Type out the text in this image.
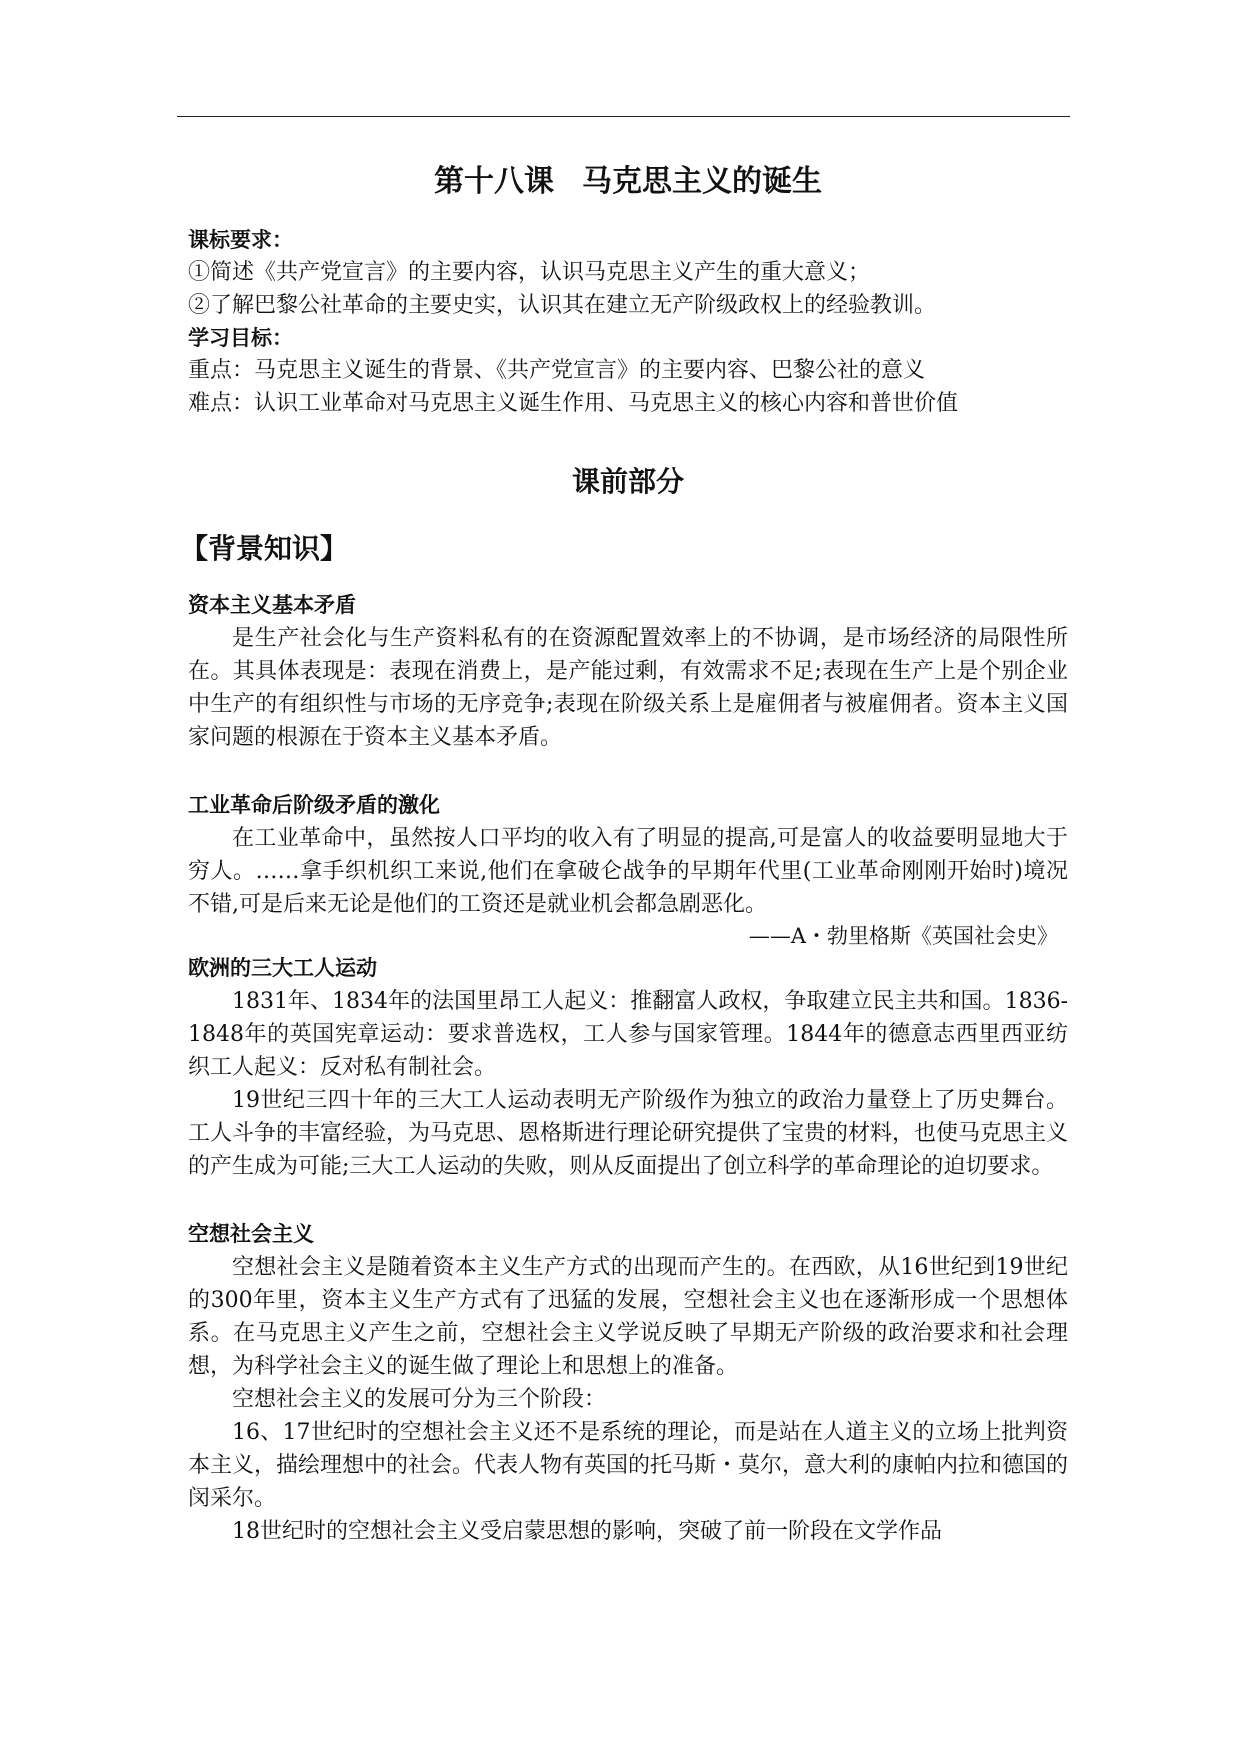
第十八课 马克思主义的诞生
课标要求：
①简述《共产党宣言》的主要内容，认识马克思主义产生的重大意义；
②了解巴黎公社革命的主要史实，认识其在建立无产阶级政权上的经验教训。
学习目标：
重点：马克思主义诞生的背景、《共产党宣言》的主要内容、巴黎公社的意义
难点：认识工业革命对马克思主义诞生作用、马克思主义的核心内容和普世价值
课前部分
【背景知识】
资本主义基本矛盾

是生产社会化与生产资料私有的在资源配置效率上的不协调，是市场经济的局限性所在。其具体表现是：表现在消费上，是产能过剩，有效需求不足;表现在生产上是个别企业中生产的有组织性与市场的无序竞争;表现在阶级关系上是雇佣者与被雇佣者。资本主义国家问题的根源在于资本主义基本矛盾。

工业革命后阶级矛盾的激化

在工业革命中，虽然按人口平均的收入有了明显的提高,可是富人的收益要明显地大于穷人。……拿手织机织工来说,他们在拿破仑战争的早期年代里(工业革命刚刚开始时)境况不错,可是后来无论是他们的工资还是就业机会都急剧恶化。

——A・勃里格斯《英国社会史》
欧洲的三大工人运动

1831年、1834年的法国里昂工人起义：推翻富人政权，争取建立民主共和国。1836-1848年的英国宪章运动：要求普选权，工人参与国家管理。1844年的德意志西里西亚纺织工人起义：反对私有制社会。

19世纪三四十年的三大工人运动表明无产阶级作为独立的政治力量登上了历史舞台。工人斗争的丰富经验，为马克思、恩格斯进行理论研究提供了宝贵的材料，也使马克思主义的产生成为可能;三大工人运动的失败，则从反面提出了创立科学的革命理论的迫切要求。

空想社会主义

空想社会主义是随着资本主义生产方式的出现而产生的。在西欧，从16世纪到19世纪的300年里，资本主义生产方式有了迅猛的发展，空想社会主义也在逐渐形成一个思想体系。在马克思主义产生之前，空想社会主义学说反映了早期无产阶级的政治要求和社会理想，为科学社会主义的诞生做了理论上和思想上的准备。

空想社会主义的发展可分为三个阶段：

16、17世纪时的空想社会主义还不是系统的理论，而是站在人道主义的立场上批判资本主义，描绘理想中的社会。代表人物有英国的托马斯・莫尔，意大利的康帕内拉和德国的闵采尔。

18世纪时的空想社会主义受启蒙思想的影响，突破了前一阶段在文学作品
